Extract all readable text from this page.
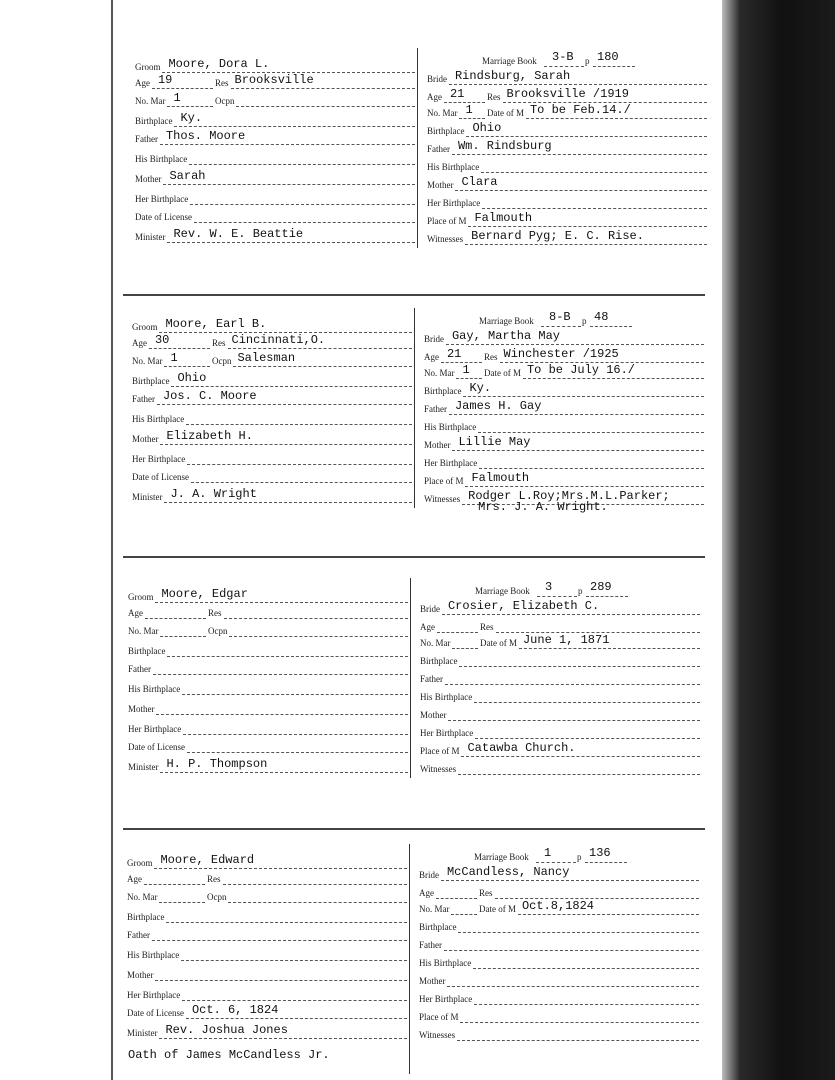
Marriage Book 3-B p 180
Groom Moore, Dora L.
Age 19	Res Brooksville
No. Mar 1	Ocpn
Birthplace Ky.
Father Thos. Moore
His Birthplace
Mother Sarah
Her Birthplace
Date of License
Minister Rev. W. E. Beattie
Bride Rindsburg, Sarah
Age 21	Res Brooksville /1919
No. Mar 1 Date of M To be Feb.14./
Birthplace Ohio
Father Wm. Rindsburg
His Birthplace
Mother Clara
Her Birthplace
Place of M Falmouth
Witnesses Bernard Pyg; E. C. Rise.
Marriage Book 8-B p 48
Groom Moore, Earl B.
Age 30	Res Cincinnati,O.
No. Mar 1	Ocpn Salesman
Birthplace Ohio
Father Jos. C. Moore
His Birthplace
Mother Elizabeth H.
Her Birthplace
Date of License
Minister J. A. Wright
Bride Gay, Martha May
Age 21	Res Winchester /1925
No. Mar 1 Date of M To be July 16./
Birthplace Ky.
Father James H. Gay
His Birthplace
Mother Lillie May
Her Birthplace
Place of M Falmouth
Witnesses Rodger L.Roy;Mrs.M.L.Parker;
Mrs. J. A. Wright.
Marriage Book 3	p 289
Groom Moore, Edgar
Age	Res
No. Mar	Ocpn
Birthplace
Father
His Birthplace
Mother
Her Birthplace
Date of License
Minister H. P. Thompson
Bride Crosier, Elizabeth C.
Age	Res
No. Mar	Date of M June 1, 1871
Birthplace
Father
His Birthplace
Mother
Her Birthplace
Place of M Catawba Church.
Witnesses
Marriage Book 1	p 136
Groom Moore, Edward
Age	Res
No. Mar	Ocpn
Birthplace
Father
His Birthplace
Mother
Her Birthplace
Date of License Oct. 6, 1824
Minister Rev. Joshua Jones
Bride McCandless, Nancy
Age	Res
No. Mar	Date of M Oct.8,1824
Birthplace
Father
His Birthplace
Mother
Her Birthplace
Place of M
Witnesses
Oath of James McCandless Jr.
